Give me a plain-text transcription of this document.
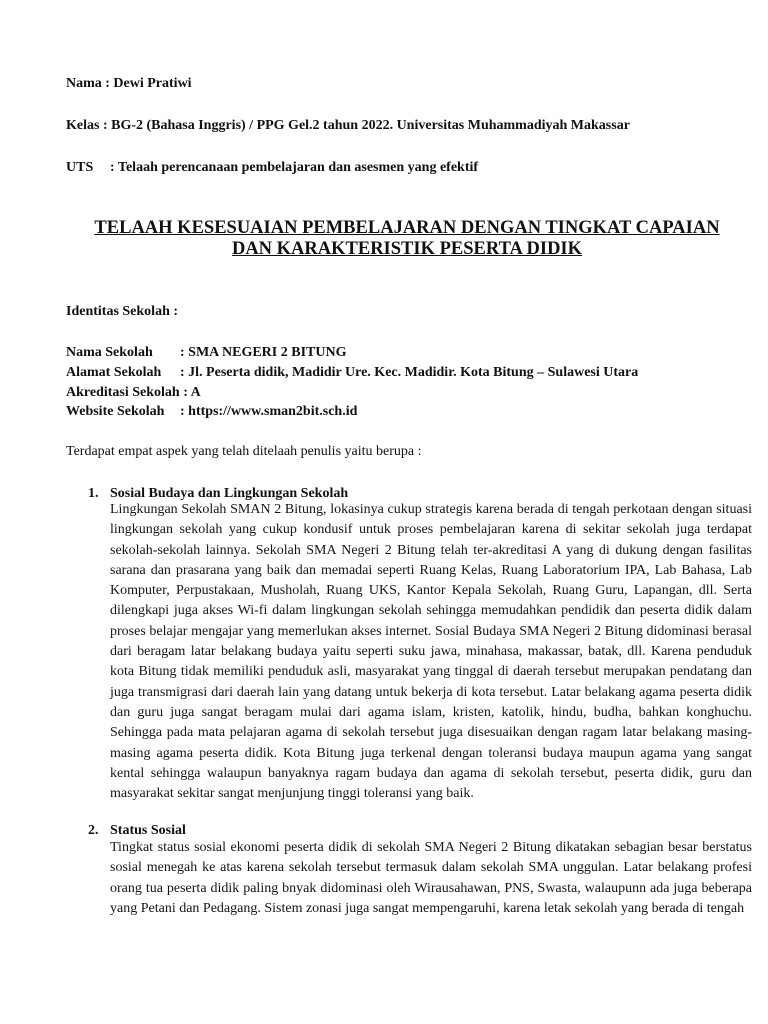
Nama : Dewi Pratiwi
Kelas : BG-2 (Bahasa Inggris) / PPG Gel.2 tahun 2022. Universitas Muhammadiyah Makassar
UTS : Telaah perencanaan pembelajaran dan asesmen yang efektif
TELAAH KESESUAIAN PEMBELAJARAN DENGAN TINGKAT CAPAIAN
DAN KARAKTERISTIK PESERTA DIDIK
Identitas Sekolah :
Nama Sekolah : SMA NEGERI 2 BITUNG
Alamat Sekolah : Jl. Peserta didik, Madidir Ure. Kec. Madidir. Kota Bitung – Sulawesi Utara
Akreditasi Sekolah : A
Website Sekolah : https://www.sman2bit.sch.id
Terdapat empat aspek yang telah ditelaah penulis yaitu berupa :
1. Sosial Budaya dan Lingkungan Sekolah

Lingkungan Sekolah SMAN 2 Bitung, lokasinya cukup strategis karena berada di tengah perkotaan dengan situasi lingkungan sekolah yang cukup kondusif untuk proses pembelajaran karena di sekitar sekolah juga terdapat sekolah-sekolah lainnya. Sekolah SMA Negeri 2 Bitung telah ter-akreditasi A yang di dukung dengan fasilitas sarana dan prasarana yang baik dan memadai seperti Ruang Kelas, Ruang Laboratorium IPA, Lab Bahasa, Lab Komputer, Perpustakaan, Musholah, Ruang UKS, Kantor Kepala Sekolah, Ruang Guru, Lapangan, dll. Serta dilengkapi juga akses Wi-fi dalam lingkungan sekolah sehingga memudahkan pendidik dan peserta didik dalam proses belajar mengajar yang memerlukan akses internet. Sosial Budaya SMA Negeri 2 Bitung didominasi berasal dari beragam latar belakang budaya yaitu seperti suku jawa, minahasa, makassar, batak, dll. Karena penduduk kota Bitung tidak memiliki penduduk asli, masyarakat yang tinggal di daerah tersebut merupakan pendatang dan juga transmigrasi dari daerah lain yang datang untuk bekerja di kota tersebut. Latar belakang agama peserta didik dan guru juga sangat beragam mulai dari agama islam, kristen, katolik, hindu, budha, bahkan konghuchu. Sehingga pada mata pelajaran agama di sekolah tersebut juga disesuaikan dengan ragam latar belakang masing-masing agama peserta didik. Kota Bitung juga terkenal dengan toleransi budaya maupun agama yang sangat kental sehingga walaupun banyaknya ragam budaya dan agama di sekolah tersebut, peserta didik, guru dan masyarakat sekitar sangat menjunjung tinggi toleransi yang baik.

2. Status Sosial

Tingkat status sosial ekonomi peserta didik di sekolah SMA Negeri 2 Bitung dikatakan sebagian besar berstatus sosial menegah ke atas karena sekolah tersebut termasuk dalam sekolah SMA unggulan. Latar belakang profesi orang tua peserta didik paling bnyak didominasi oleh Wirausahawan, PNS, Swasta, walaupunn ada juga beberapa yang Petani dan Pedagang. Sistem zonasi juga sangat mempengaruhi, karena letak sekolah yang berada di tengah
